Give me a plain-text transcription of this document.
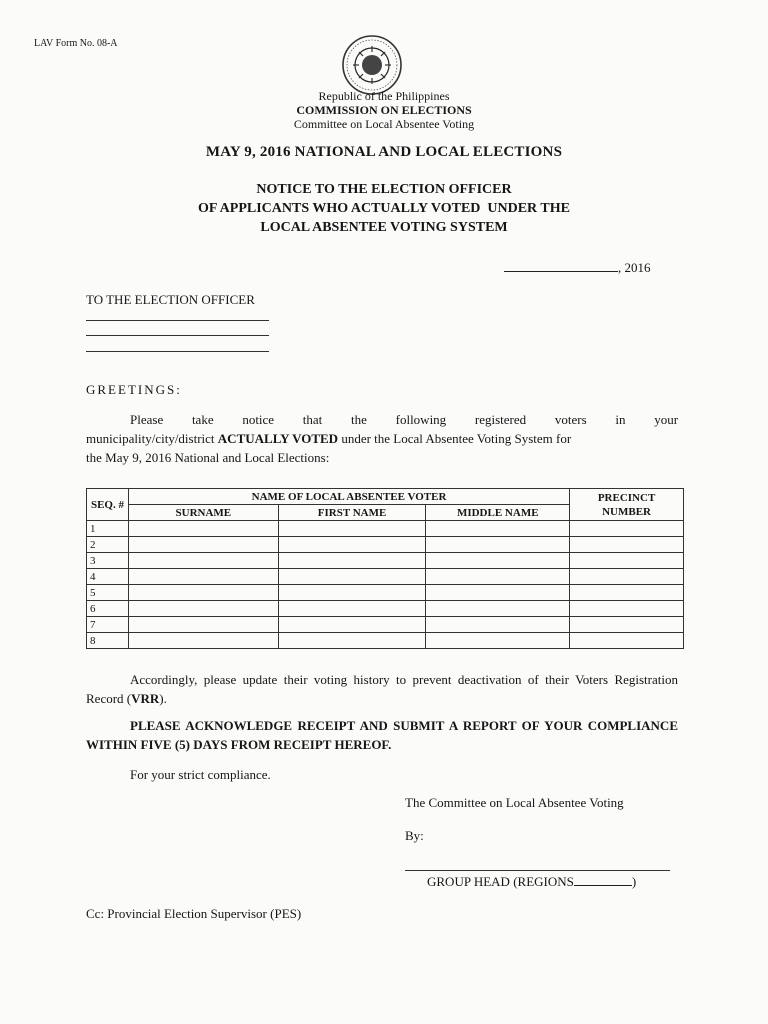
LAV Form No. 08-A
Republic of the Philippines
COMMISSION ON ELECTIONS
Committee on Local Absentee Voting
MAY 9, 2016 NATIONAL AND LOCAL ELECTIONS
NOTICE TO THE ELECTION OFFICER
OF APPLICANTS WHO ACTUALLY VOTED  UNDER THE
LOCAL ABSENTEE VOTING SYSTEM
, 2016
TO THE ELECTION OFFICER
GREETINGS:
Please take notice that the following registered voters in your
municipality/city/district ACTUALLY VOTED under the Local Absentee Voting System for
the May 9, 2016 National and Local Elections:
SEQ. #	NAME OF LOCAL ABSENTEE VOTER			PRECINCT NUMBER
	SURNAME	FIRST NAME	MIDDLE NAME	
1				
2				
3				
4				
5				
6				
7				
8				
Accordingly, please update their voting history to prevent deactivation of their Voters Registration Record (VRR).
PLEASE ACKNOWLEDGE RECEIPT AND SUBMIT A REPORT OF YOUR COMPLIANCE WITHIN FIVE (5) DAYS FROM RECEIPT HEREOF.
For your strict compliance.
The Committee on Local Absentee Voting
By:
GROUP HEAD (REGIONS	)
Cc: Provincial Election Supervisor (PES)
